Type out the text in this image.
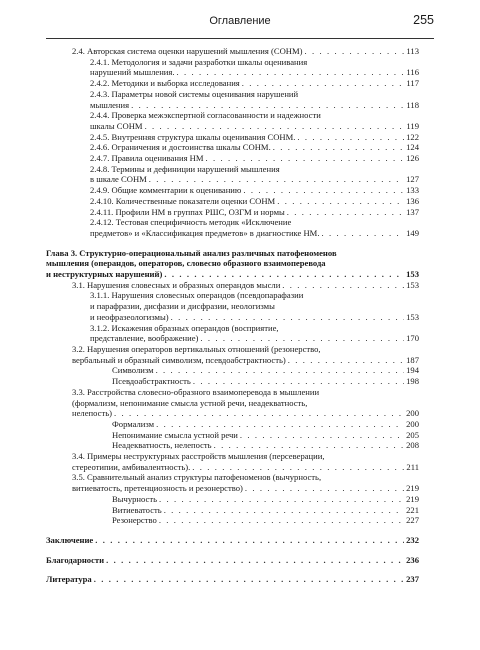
Оглавление	255
2.4. Авторская система оценки нарушений мышления (СОНМ) . . .	113
2.4.1. Методология и задачи разработки шкалы оценивания
нарушений мышления. . . .	116
2.4.2. Методики и выборка исследования . . .	117
2.4.3. Параметры новой системы оценивания нарушений
мышления . . .	118
2.4.4. Проверка межэкспертной согласованности и надежности
шкалы СОНМ . . .	119
2.4.5. Внутренняя структура шкалы оценивания СОНМ. . . .	122
2.4.6. Ограничения и достоинства шкалы СОНМ. . . .	124
2.4.7. Правила оценивания НМ . . .	126
2.4.8. Термины и дефиниции нарушений мышления
в шкале СОНМ . . .	127
2.4.9. Общие комментарии к оцениванию . . .	133
2.4.10. Количественные показатели оценки СОНМ . . .	136
2.4.11. Профили НМ в группах РШС, ОЗГМ и нормы . . .	137
2.4.12. Тестовая специфичность методик «Исключение
предметов» и «Классификация предметов» в диагностике НМ. . . .	149
Глава 3. Структурно-операциональный анализ различных патофеноменов
мышления (операндов, операторов, словесно образного взаимоперевода
и неструктурных нарушений) . . .	153
3.1. Нарушения словесных и образных операндов мысли . . .	153
3.1.1. Нарушения словесных операндов (псевдопарафазии
и парафразии, дисфазии и дисфразии, неологизмы
и неофразеологизмы) . . .	153
3.1.2. Искажения образных операндов (восприятие,
представление, воображение) . . .	170
3.2. Нарушения операторов вертикальных отношений (резонерство,
вербальный и образный символизм, псевдоабстрактность) . . .	187
Символизм . . .	194
Псевдоабстрактность . . .	198
3.3. Расстройства словесно-образного взаимоперевода в мышлении
(формализм, непонимание смысла устной речи, неадекватность,
нелепость) . . .	200
Формализм . . .	200
Непонимание смысла устной речи . . .	205
Неадекватность, нелепость . . .	208
3.4. Примеры неструктурных расстройств мышления (персеверации,
стереотипии, амбивалентность). . . .	211
3.5. Сравнительный анализ структуры патофеноменов (вычурность,
витиеватость, претенциозность и резонерство) . . .	219
Вычурность . . .	219
Витиеватость . . .	221
Резонерство . . .	227
Заключение . . .	232
Благодарности . . .	236
Литература . . .	237
